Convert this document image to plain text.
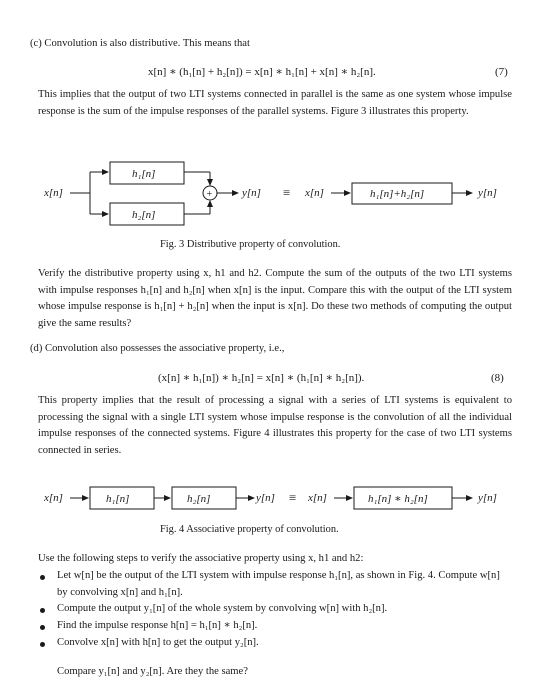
(c) Convolution is also distributive. This means that
x[n] ∗ (h₁[n] + h₂[n]) = x[n] ∗ h₁[n] + x[n] ∗ h₂[n].	(7)
This implies that the output of two LTI systems connected in parallel is the same as one system whose impulse response is the sum of the impulse responses of the parallel systems. Figure 3 illustrates this property.
x[n]
h₁[n]
h₂[n]
+	y[n] ≡ x[n]	h₁[n]+h₂[n]	y[n]
Fig. 3 Distributive property of convolution.
Verify the distributive property using x, h1 and h2. Compute the sum of the outputs of the two LTI systems with impulse responses h₁[n] and h₂[n] when x[n] is the input. Compare this with the output of the LTI system whose impulse response is h₁[n] + h₂[n] when the input is x[n]. Do these two methods of computing the output give the same results?
(d) Convolution also possesses the associative property, i.e.,
(x[n] ∗ h₁[n]) ∗ h₂[n] = x[n] ∗ (h₁[n] ∗ h₂[n]).	(8)
This property implies that the result of processing a signal with a series of LTI systems is equivalent to processing the signal with a single LTI system whose impulse response is the convolution of all the individual impulse responses of the connected systems. Figure 4 illustrates this property for the case of two LTI systems connected in series.
x[n]	h₁[n]	h₂[n]	y[n] ≡ x[n]	h₁[n] ∗ h₂[n]	y[n]
Fig. 4 Associative property of convolution.
Use the following steps to verify the associative property using x, h1 and h2:
Let w[n] be the output of the LTI system with impulse response h₁[n], as shown in Fig. 4. Compute w[n] by convolving x[n] and h₁[n].
Compute the output y₁[n] of the whole system by convolving w[n] with h₂[n].
Find the impulse response h[n] = h₁[n] ∗ h₂[n].
Convolve x[n] with h[n] to get the output y₂[n].
Compare y₁[n] and y₂[n]. Are they the same?
